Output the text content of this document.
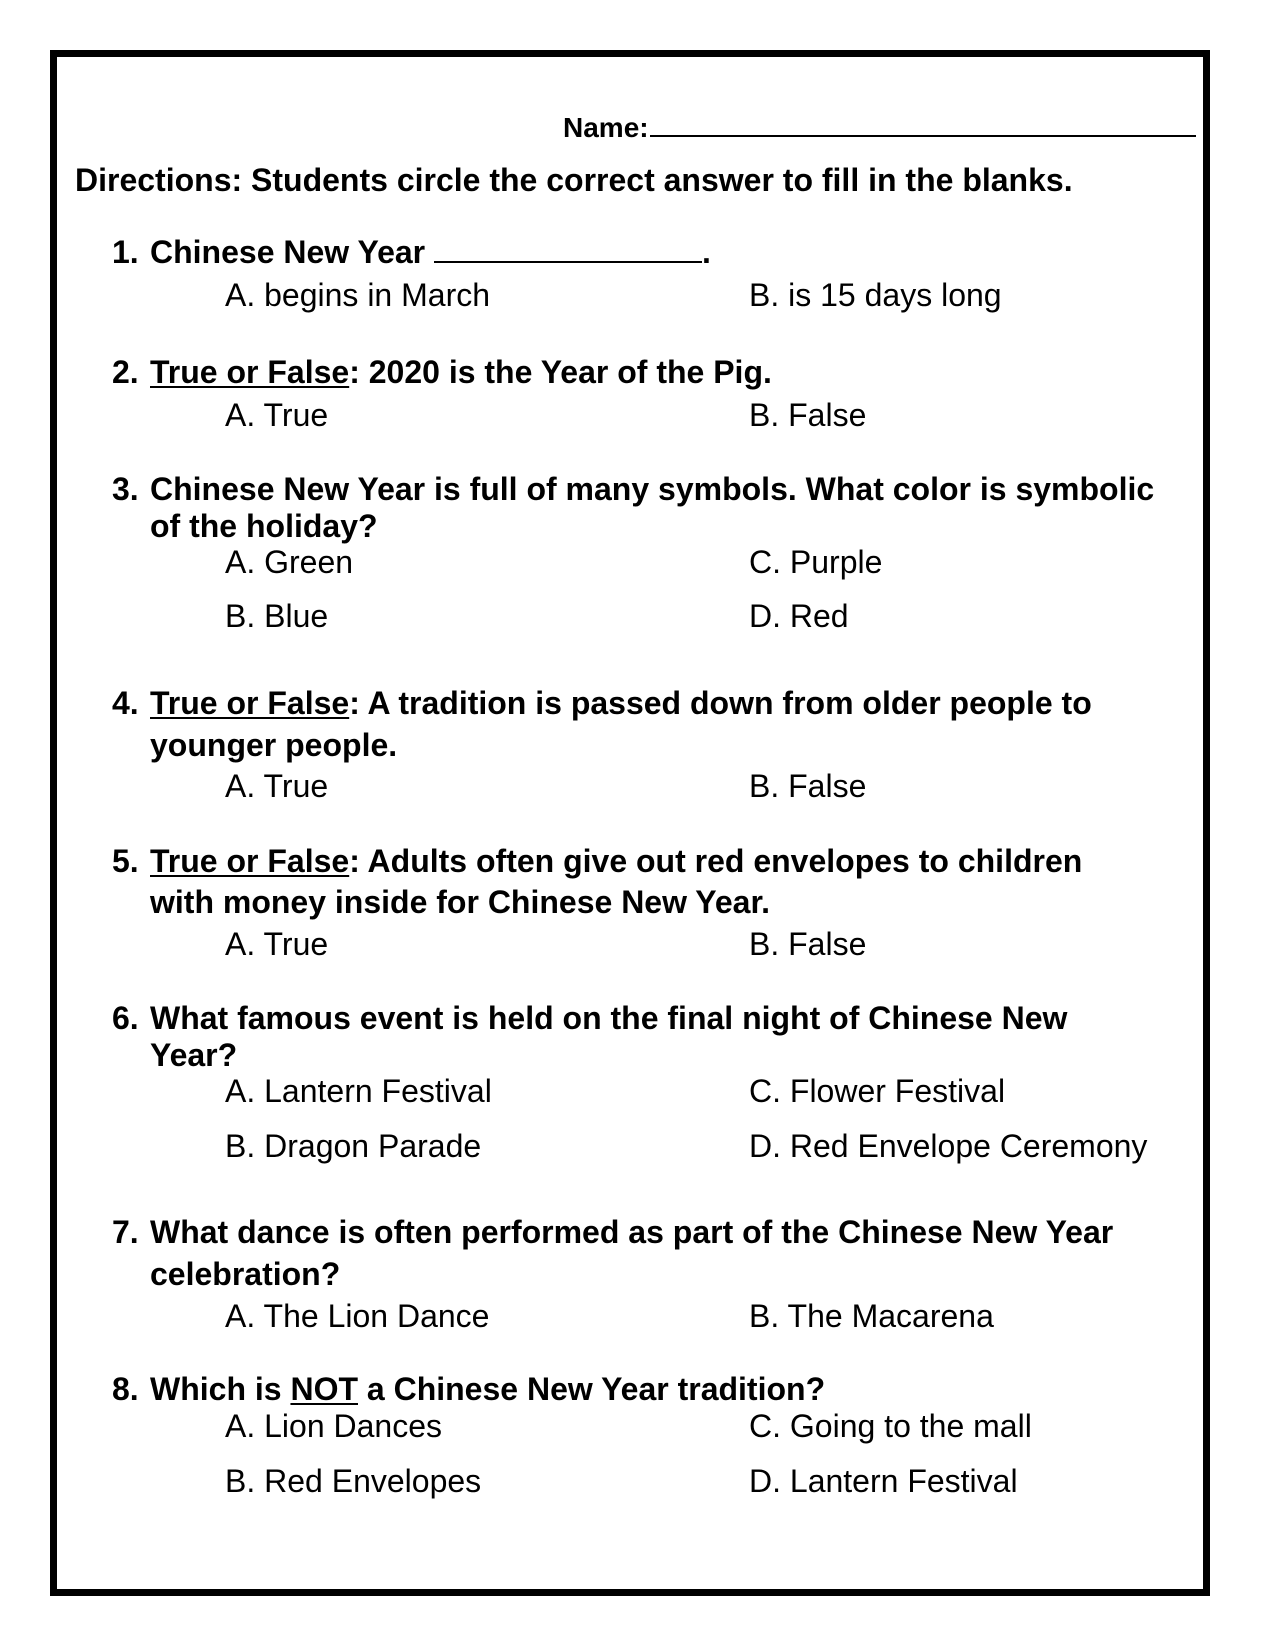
Name:
Directions: Students circle the correct answer to fill in the blanks.
1. Chinese New Year	.
A. begins in March	B. is 15 days long
2. True or False: 2020 is the Year of the Pig.
A. True	B. False
3. Chinese New Year is full of many symbols. What color is symbolic
of the holiday?
A. Green	C. Purple
B. Blue	D. Red
4. True or False: A tradition is passed down from older people to
younger people.
A. True	B. False
5. True or False: Adults often give out red envelopes to children
with money inside for Chinese New Year.
A. True	B. False
6. What famous event is held on the final night of Chinese New
Year?
A. Lantern Festival	C. Flower Festival
B. Dragon Parade	D. Red Envelope Ceremony
7. What dance is often performed as part of the Chinese New Year
celebration?
A. The Lion Dance	B. The Macarena
8. Which is NOT a Chinese New Year tradition?
A. Lion Dances	C. Going to the mall
B. Red Envelopes	D. Lantern Festival
